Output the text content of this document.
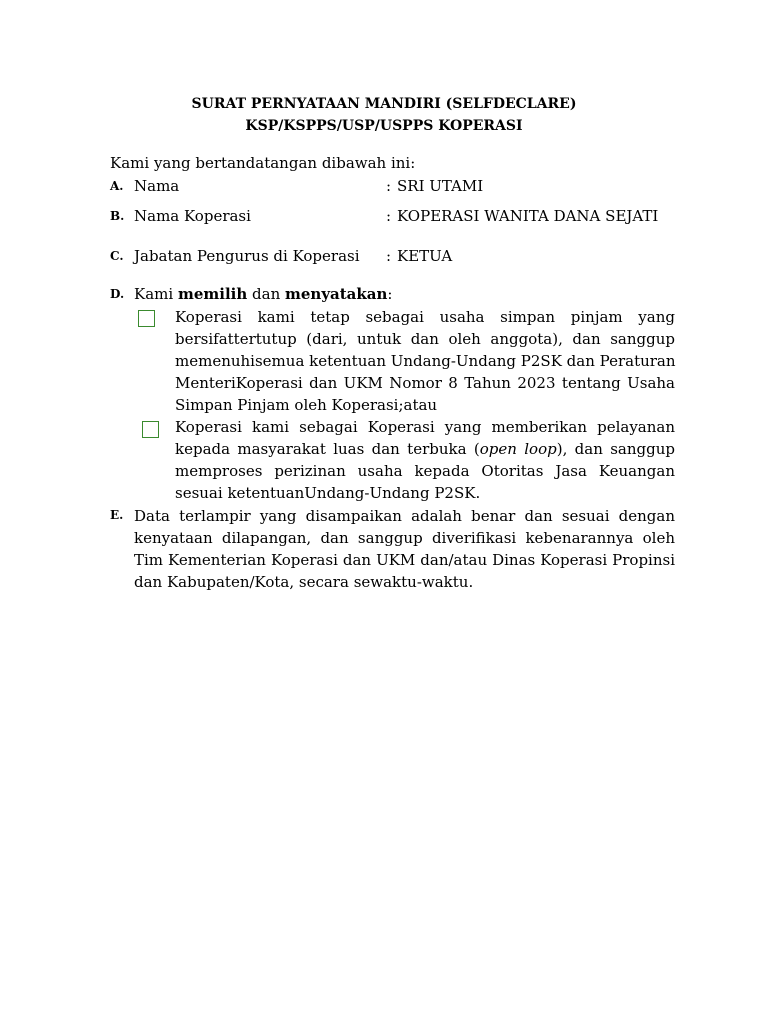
SURAT PERNYATAAN MANDIRI (SELFDECLARE)
KSP/KSPPS/USP/USPPS KOPERASI
Kami yang bertandatangan dibawah ini:
A. Nama	: SRI UTAMI
B. Nama Koperasi	: KOPERASI WANITA DANA SEJATI
C. Jabatan Pengurus di Koperasi : KETUA
D. Kami memilih dan menyatakan:
Koperasi kami tetap sebagai usaha simpan pinjam yang
bersifattertutup (dari, untuk dan oleh anggota), dan sanggup
memenuhisemua ketentuan Undang-Undang P2SK dan Peraturan
MenteriKoperasi dan UKM Nomor 8 Tahun 2023 tentang Usaha
Simpan Pinjam oleh Koperasi;atau
Koperasi kami sebagai Koperasi yang memberikan pelayanan
kepada masyarakat luas dan terbuka (open loop), dan sanggup
memproses perizinan usaha kepada Otoritas Jasa Keuangan
sesuai ketentuanUndang-Undang P2SK.
E. Data terlampir yang disampaikan adalah benar dan sesuai dengan
kenyataan dilapangan, dan sanggup diverifikasi kebenarannya oleh
Tim Kementerian Koperasi dan UKM dan/atau Dinas Koperasi Propinsi
dan Kabupaten/Kota, secara sewaktu-waktu.
